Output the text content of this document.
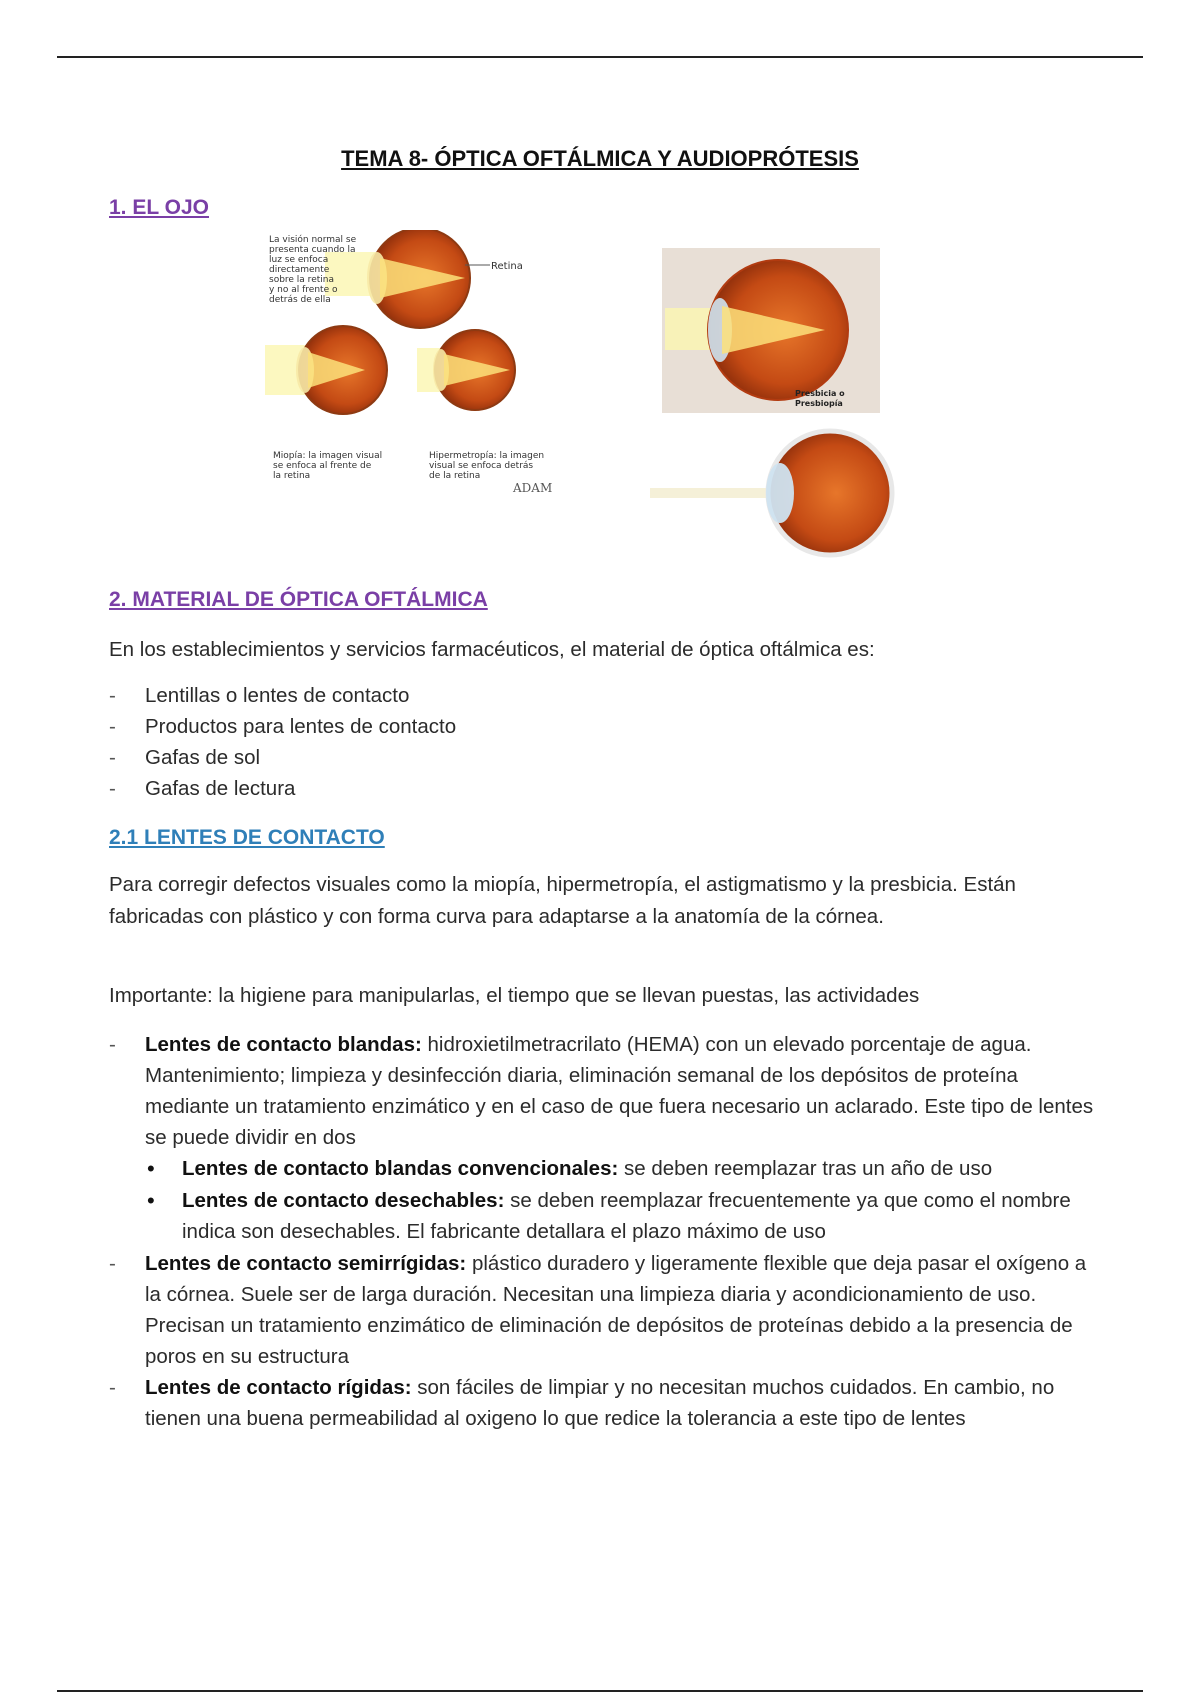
TEMA 8- ÓPTICA OFTÁLMICA Y AUDIOPRÓTESIS
1. EL OJO
Retina
La visión normal se
presenta cuando la
luz se enfoca
directamente
sobre la retina
y no al frente o
detrás de ella
Miopía: la imagen visual
se enfoca al frente de
la retina
Hipermetropía: la imagen
visual se enfoca detrás
de la retina
ADAM
Presbicia o
Presbiopía
2. MATERIAL DE ÓPTICA OFTÁLMICA
En los establecimientos y servicios farmacéuticos, el material de óptica oftálmica es:
- Lentillas o lentes de contacto
- Productos para lentes de contacto
- Gafas de sol
- Gafas de lectura
2.1 LENTES DE CONTACTO
Para corregir defectos visuales como la miopía, hipermetropía, el astigmatismo y la presbicia. Están fabricadas con plástico y con forma curva para adaptarse a la anatomía de la córnea.
Importante: la higiene para manipularlas, el tiempo que se llevan puestas, las actividades
- Lentes de contacto blandas: hidroxietilmetracrilato (HEMA) con un elevado porcentaje de agua. Mantenimiento; limpieza y desinfección diaria, eliminación semanal de los depósitos de proteína mediante un tratamiento enzimático y en el caso de que fuera necesario un aclarado. Este tipo de lentes se puede dividir en dos
• Lentes de contacto blandas convencionales: se deben reemplazar tras un año de uso
• Lentes de contacto desechables: se deben reemplazar frecuentemente ya que como el nombre indica son desechables. El fabricante detallara el plazo máximo de uso
- Lentes de contacto semirrígidas: plástico duradero y ligeramente flexible que deja pasar el oxígeno a la córnea. Suele ser de larga duración. Necesitan una limpieza diaria y acondicionamiento de uso. Precisan un tratamiento enzimático de eliminación de depósitos de proteínas debido a la presencia de poros en su estructura
- Lentes de contacto rígidas: son fáciles de limpiar y no necesitan muchos cuidados. En cambio, no tienen una buena permeabilidad al oxigeno lo que redice la tolerancia a este tipo de lentes
